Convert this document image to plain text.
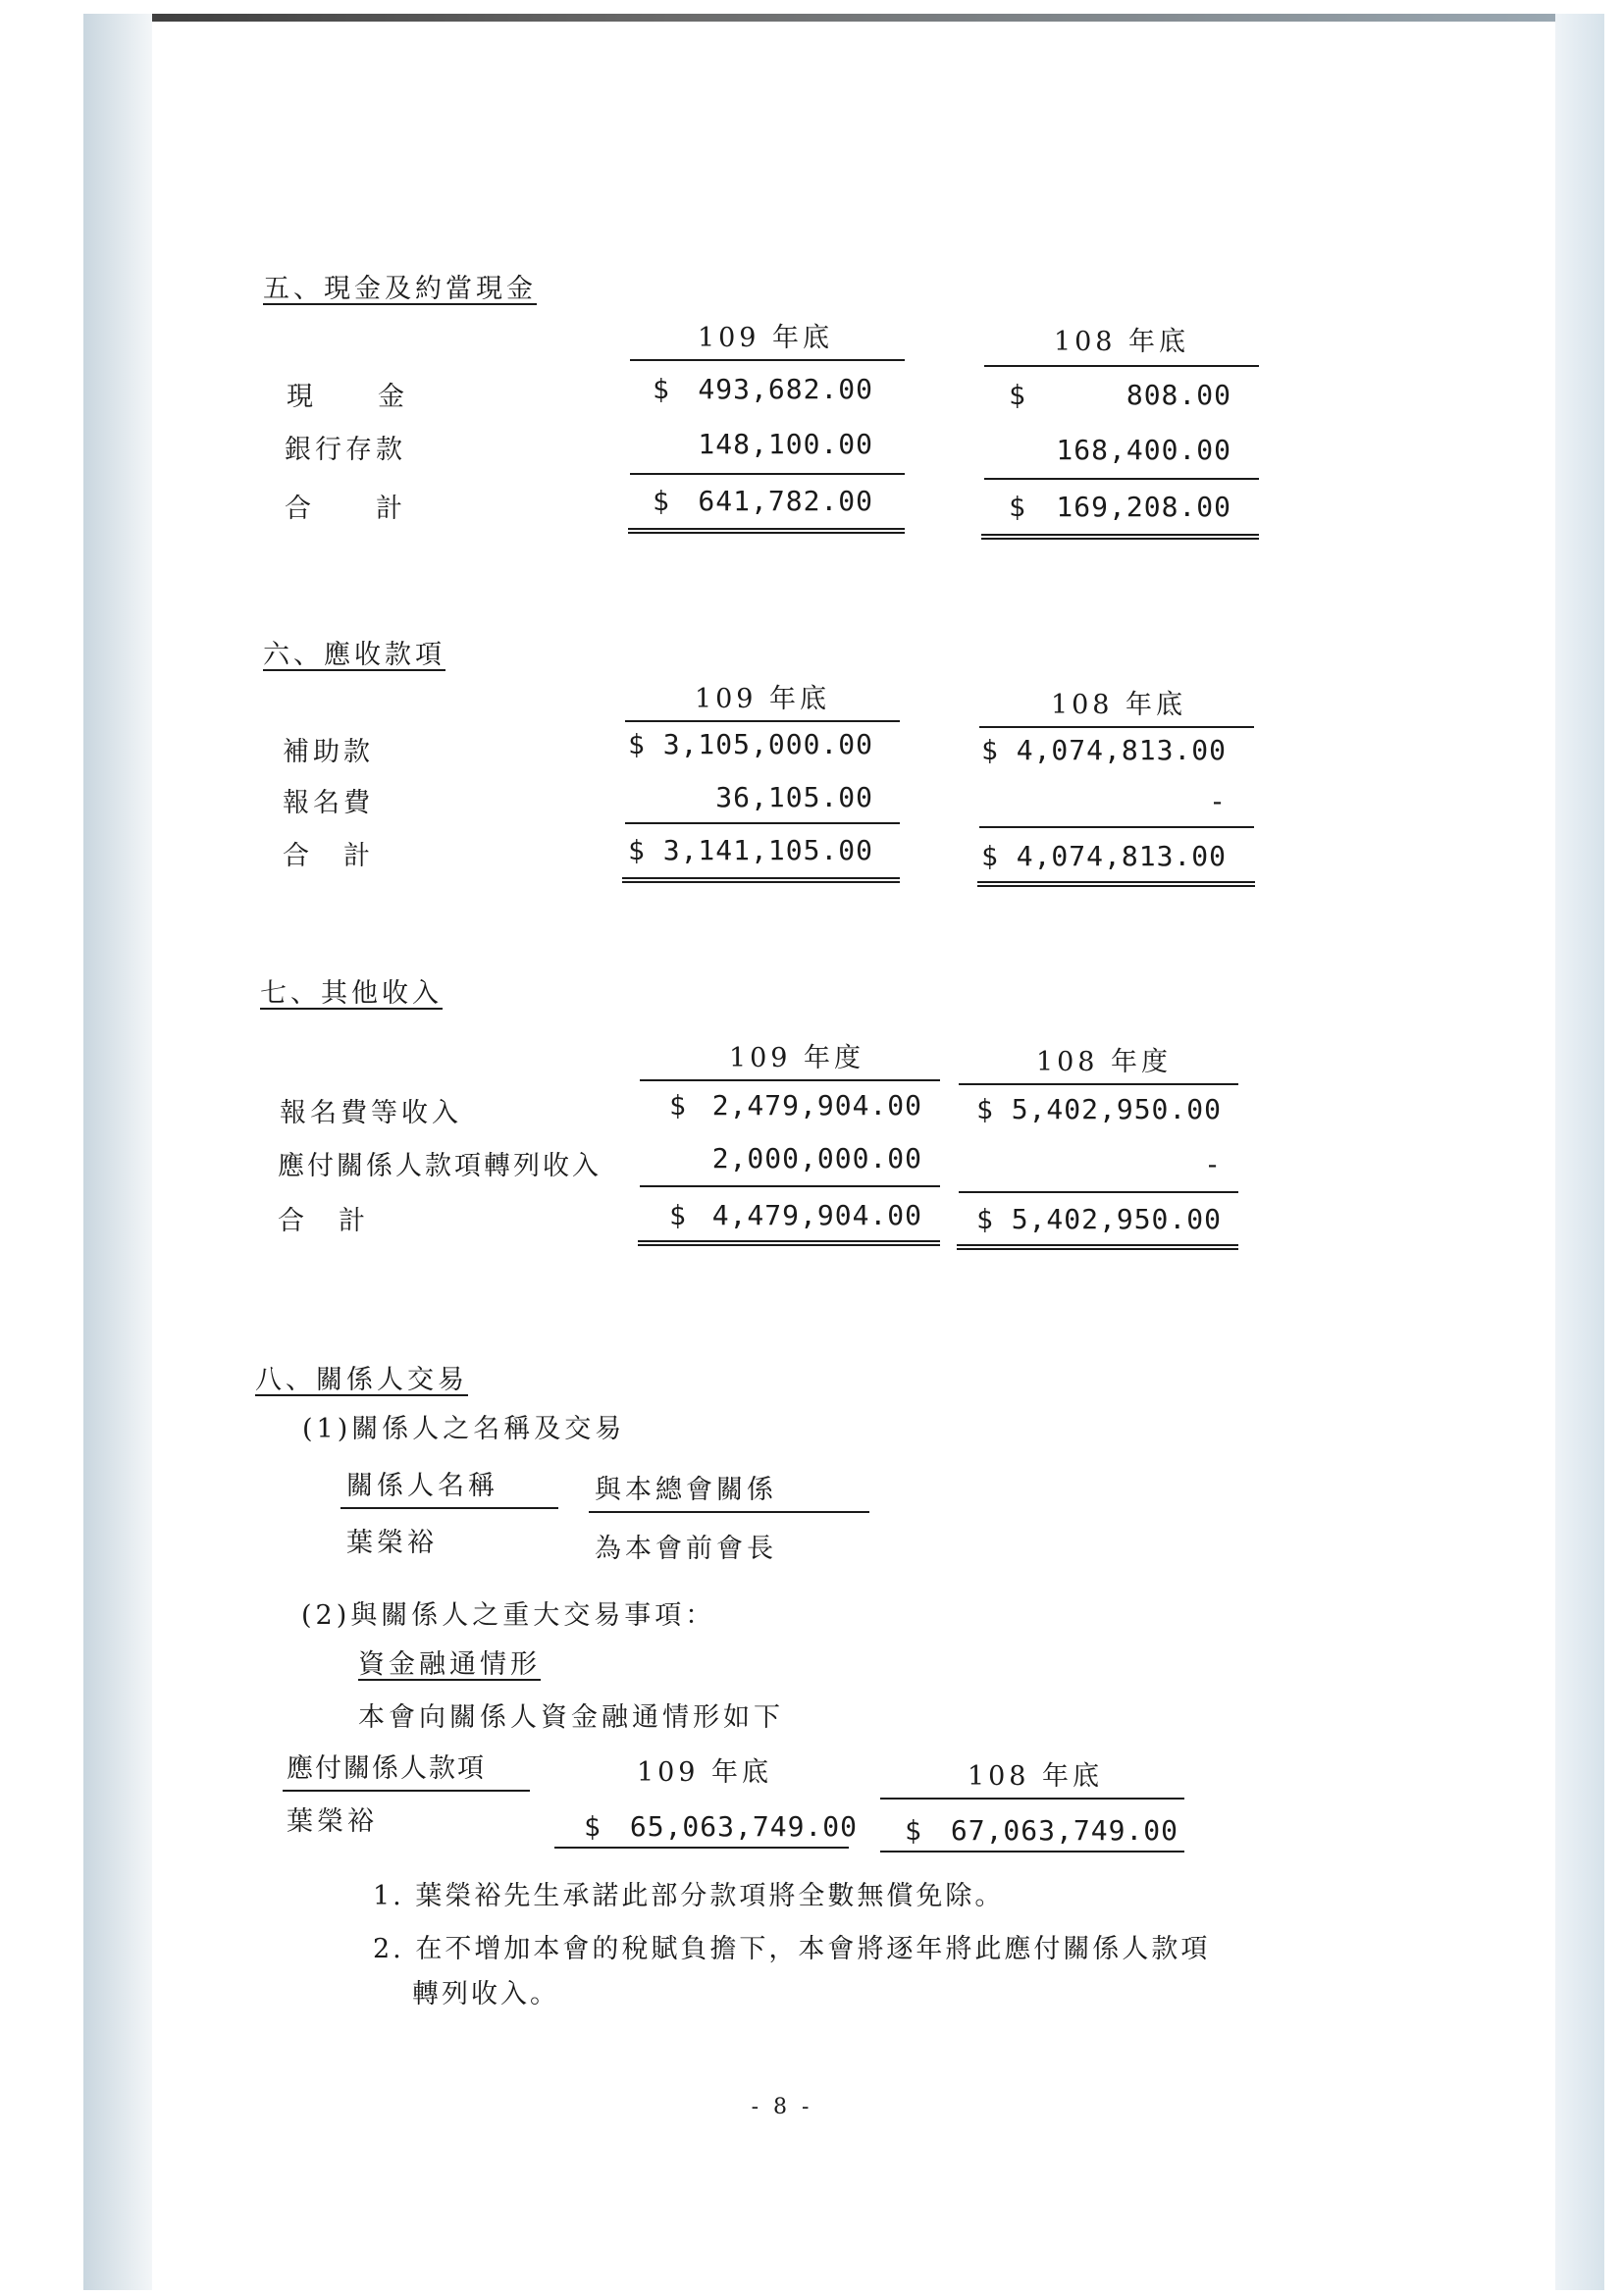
五、現金及約當現金
109 年底	108 年底
現　　金	$	493,682.00	$	808.00
銀行存款	148,100.00	168,400.00
合　　計	$	641,782.00	$	169,208.00
六、應收款項
109 年底	108 年底
補助款	$ 3,105,000.00	$ 4,074,813.00
報名費	36,105.00	-
合　計	$ 3,141,105.00	$ 4,074,813.00
七、其他收入
109 年度	108 年度
報名費等收入	$ 2,479,904.00 $ 5,402,950.00
應付關係人款項轉列收入	2,000,000.00	-
合　計	$ 4,479,904.00 $ 5,402,950.00
八、關係人交易
(1)關係人之名稱及交易
關係人名稱	與本總會關係
葉榮裕	為本會前會長
(2)與關係人之重大交易事項：
資金融通情形
本會向關係人資金融通情形如下
應付關係人款項	109 年底	108 年底
葉榮裕	$　65,063,749.00 $　67,063,749.00
1. 葉榮裕先生承諾此部分款項將全數無償免除。
2. 在不增加本會的稅賦負擔下，本會將逐年將此應付關係人款項
轉列收入。
- 8 -
